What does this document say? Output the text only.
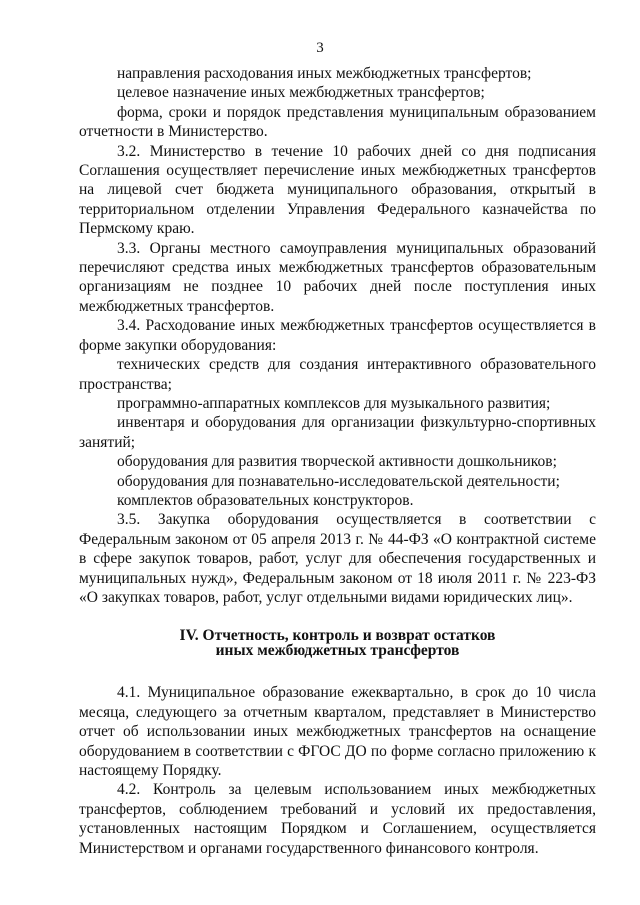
3

направления расходования иных межбюджетных трансфертов;

целевое назначение иных межбюджетных трансфертов;

форма, сроки и порядок представления муниципальным образованием отчетности в Министерство.

3.2. Министерство в течение 10 рабочих дней со дня подписания Соглашения осуществляет перечисление иных межбюджетных трансфертов на лицевой счет бюджета муниципального образования, открытый в территориальном отделении Управления Федерального казначейства по Пермскому краю.

3.3. Органы местного самоуправления муниципальных образований перечисляют средства иных межбюджетных трансфертов образовательным организациям не позднее 10 рабочих дней после поступления иных межбюджетных трансфертов.

3.4. Расходование иных межбюджетных трансфертов осуществляется в форме закупки оборудования:

технических средств для создания интерактивного образовательного пространства;

программно-аппаратных комплексов для музыкального развития;

инвентаря и оборудования для организации физкультурно-спортивных занятий;

оборудования для развития творческой активности дошкольников;

оборудования для познавательно-исследовательской деятельности;

комплектов образовательных конструкторов.

3.5. Закупка оборудования осуществляется в соответствии с Федеральным законом от 05 апреля 2013 г. № 44-ФЗ «О контрактной системе в сфере закупок товаров, работ, услуг для обеспечения государственных и муниципальных нужд», Федеральным законом от 18 июля 2011 г. № 223-ФЗ «О закупках товаров, работ, услуг отдельными видами юридических лиц».

IV. Отчетность, контроль и возврат остатков
иных межбюджетных трансфертов

4.1. Муниципальное образование ежеквартально, в срок до 10 числа месяца, следующего за отчетным кварталом, представляет в Министерство отчет об использовании иных межбюджетных трансфертов на оснащение оборудованием в соответствии с ФГОС ДО по форме согласно приложению к настоящему Порядку.

4.2. Контроль за целевым использованием иных межбюджетных трансфертов, соблюдением требований и условий их предоставления, установленных настоящим Порядком и Соглашением, осуществляется Министерством и органами государственного финансового контроля.
